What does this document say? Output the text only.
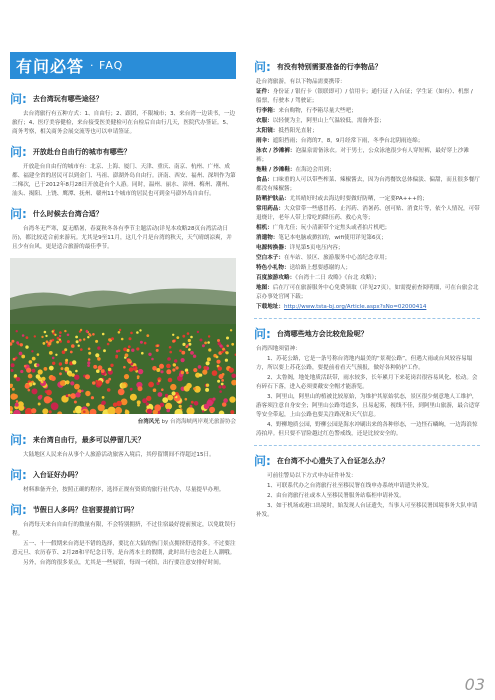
有问必答 · FAQ
问: 去台湾玩有哪些途径？

去台湾旅行有五种方式：1、自由行；2、跟团，不限城市；3、来台湾一边读书，一边旅行；4、医疗美容健检，来台接受医美健检可在台检后自由行几天，医院代办签证。5、商务考察，相关商务会展交流等也可以申请签证。

问: 开放赴台自由行的城市有哪些？

开放赴台自由行的城市有：北京、上海、厦门、天津、重庆、南京、杭州、广州、成都、福建全省的居民可以到金门、马祖、澎湖外岛自由行。济南、西安、福州、深圳作为第二梯次，已于2012年8月28日开放赴台个人游。同时，温州、丽水、漳州、梅州、潮州、汕头、揭阳、上饶、鹰潭、抚州、赣州11个城市的居民也可到金马澎外岛自由行。

问: 什么时候去台湾合适？

台湾冬无严寒，夏无酷暑，春夏秋冬各有季节主题活动(详见本攻略28页台湾活动日历)，都比较适合前来游玩。尤其是9至11月，这几个月是台湾的秋天，天气晴朗凉爽，并且少有台风，更是适合旅游的最佳季节。

台湾风光 by 台湾海峡两岸观光旅游协会
问: 来台湾自由行，最多可以停留几天？

大陆地区人民来台从事个人旅游活动旅客入境后，其停留期间不得超过15日。

问: 入台证好办吗？

材料准备齐全，按照正确的程序，选择正规有资质的旅行社代办，尽量提早办理。

问: 节假日人多吗？住宿要提前订吗？

台湾每天来台自由行的数量有限，不会特别拥挤，不过住宿最好提前预定，以免耽误行程。

五一、十一假期来台湾是不错的选择，要比在大陆的热门景点拥挤舒适得多。不过要注意元旦、农历春节、2月28和平纪念日等，是台湾本土的假期，此时出行也会赶上人潮哦。

另外，台湾的很多景点，尤其是一些展馆，每周一闭馆，出行要注意安排好时间。

问: 有没有特别需要准备的行李物品？

赴台湾旅游，有以下物品需要携带：

证件：身份证 / 银行卡（银联即可）/ 信用卡；通行证 / 入台证；学生证（如有）、机票 / 船票，行驶本 / 驾驶证；

行李箱：来台购物，行李箱尽量大些吧；

衣服：以轻便为主，阿里山上气温较低，需备外套；

太阳镜：抵挡阳光直射；

雨伞：遮阳挡雨；台湾的7，8，9月经常下雨，冬季台北阴雨连绵；

泳衣 / 沙滩裤：泡温泉需备泳衣。对于男士，公众泳池很少有人穿短裤，最好穿上沙滩裤；

拖鞋 / 沙滩鞋：在海边会用到；

食品：口味重的人可以带些榨菜、辣椒酱去，因为台湾餐饮总体偏淡、偏甜，而且很多餐厅都没有辣椒酱；

防晒护肤品：尤其晴好时或去海边时要做好防晒，一定要PA+++的；

常用药品：大众常带一些感冒药、止泻药、消暑药、创可贴、消食片等，依个人情况，可带退烧计，老年人带上常吃的降压药、救心丸等；

相机：广角尤佳；玩小清新带个定焦头或者拍片机吧；

消遣物：笔记本电脑或掀扣的，wifi使用详见第6页；

电源转换器：详见第5页电压内容；

空白本子：在车站、景区、旅游服务中心盖纪念章用；

特色小礼物：送给路上想要感谢的人；

百度旅游攻略：《台湾十二日 攻略》《台北 攻略》；

地图：后在厅可在旅游服务中心免费领取（详见27页），如需提前查阅明细，可在台旅会北京办事处官网下载；

下载地址：http://www.tsta-bj.org/Article.aspx?sNo=02000414

问: 台湾哪些地方会比较危险呢？

台湾四地须留神：

1、苏花公路，它是一条号称台湾地内最美的“景观公路”，但遇大雨或台风较容易塌方，所以要上苏花公路，要提前看看天气预报，做好各种防护工作。

2、太鲁阁，地处地质活跃带，雨水较多，长年累月下来花岗岩很容易风化、松动。会有碎石下落，进入必须要戴安全帽才能游览。

3、阿里山，阿里山的植被比较原始，为维护其原始状态，景区很少刻意地人工维护，游客须注意自身安全；阿里山公路弯道多，且易起雾，视线不佳，到阿里山旅游，最合适穿等安全带起，上山公路也要关注路况和天气信息。

4、野柳地质公园，野柳公园是海水冲刷出来的各种形态，一边怪石嶙峋，一边海浪惊涛拍岸。但只要不冒险越过红色警戒线，还是比较安全的。

问: 在台湾不小心遗失了入台证怎么办？

可前往警局以下方式申办证件补发：

1、可联系代办之台湾旅行社至移民署在线申办系统申请遗失补发。

2、由台湾旅行社或本人至移民署服务站临柜申请补发。

3、如于机场或港口出境时，始发现人台证遗失，当事人可至移民署国境事务大队申请补发。

03
